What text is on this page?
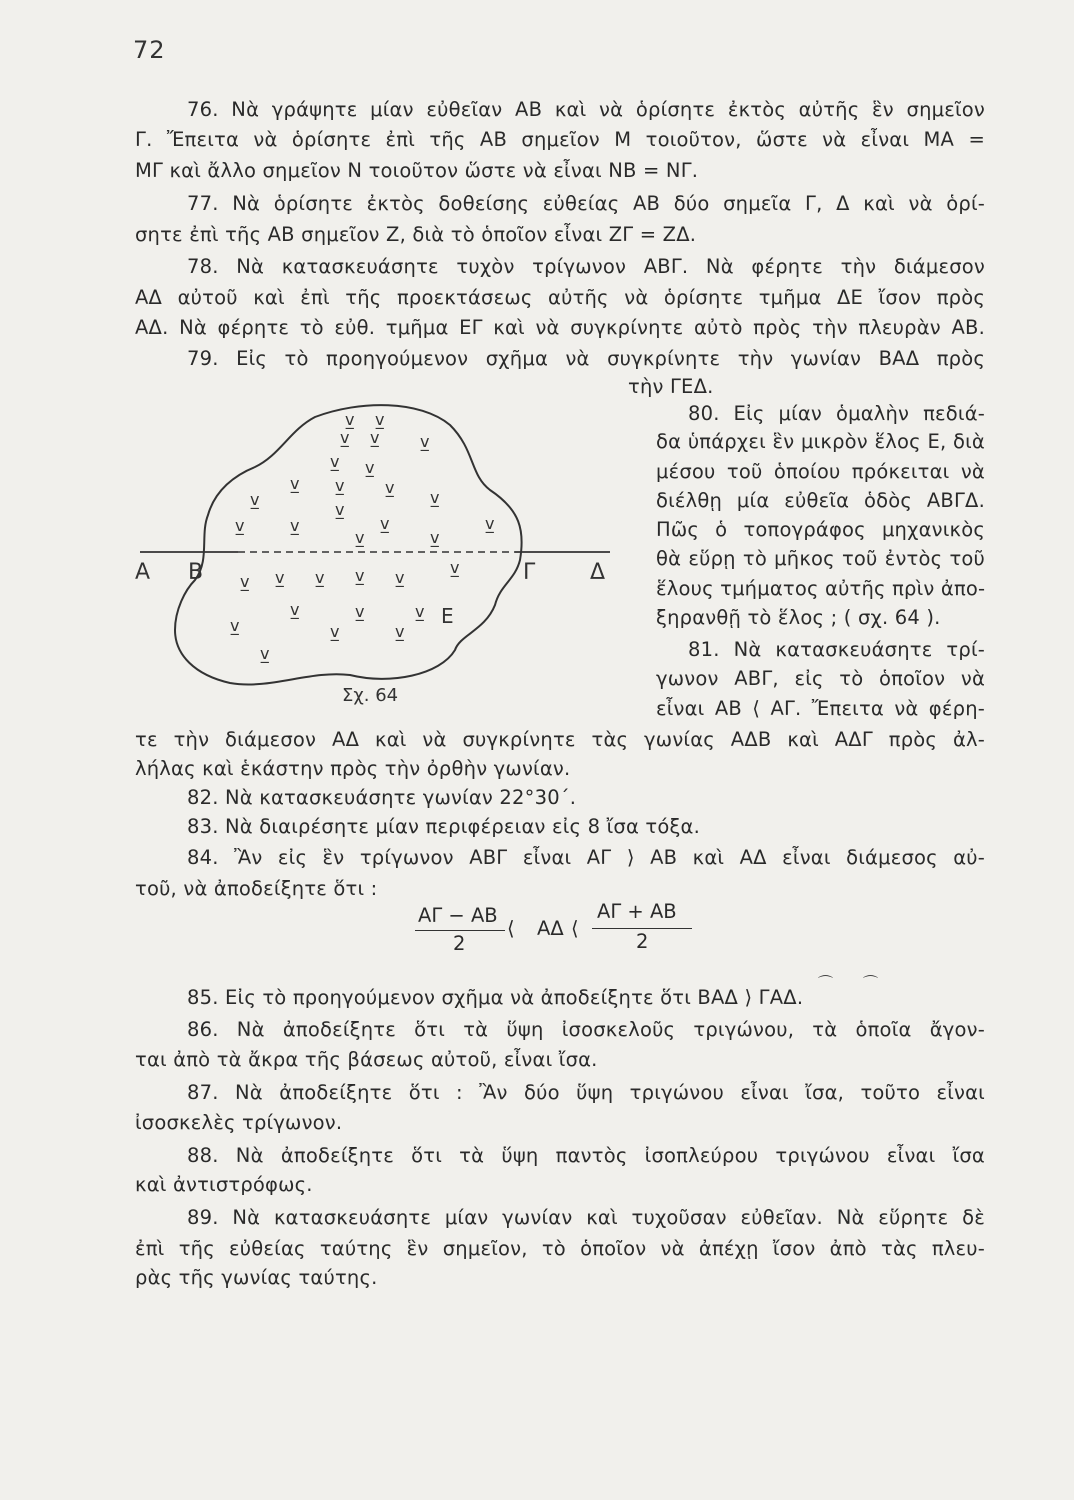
72
76. Νὰ γράψητε μίαν εὐθεῖαν ΑΒ καὶ νὰ ὁρίσητε ἐκτὸς αὐτῆς ἓν σημεῖον
Γ. Ἔπειτα νὰ ὁρίσητε ἐπὶ τῆς ΑΒ σημεῖον Μ τοιοῦτον, ὥστε νὰ εἶναι ΜΑ =
ΜΓ καὶ ἄλλο σημεῖον Ν τοιοῦτον ὥστε νὰ εἶναι ΝΒ = ΝΓ.
77. Νὰ ὁρίσητε ἐκτὸς δοθείσης εὐθείας ΑΒ δύο σημεῖα Γ, Δ καὶ νὰ ὁρί-
σητε ἐπὶ τῆς ΑΒ σημεῖον Ζ, διὰ τὸ ὁποῖον εἶναι ΖΓ = ΖΔ.
78. Νὰ κατασκευάσητε τυχὸν τρίγωνον ΑΒΓ. Νὰ φέρητε τὴν διάμεσον
ΑΔ αὐτοῦ καὶ ἐπὶ τῆς προεκτάσεως αὐτῆς νὰ ὁρίσητε τμῆμα ΔΕ ἴσον πρὸς
ΑΔ. Νὰ φέρητε τὸ εὐθ. τμῆμα ΕΓ καὶ νὰ συγκρίνητε αὐτὸ πρὸς τὴν πλευρὰν ΑΒ.
79. Εἰς τὸ προηγούμενον σχῆμα νὰ συγκρίνητε τὴν γωνίαν ΒΑΔ πρὸς
τὴν ΓΕΔ.
80. Εἰς μίαν ὁμαλὴν πεδιά-
δα ὑπάρχει ἓν μικρὸν ἕλος Ε, διὰ
μέσου τοῦ ὁποίου πρόκειται νὰ
διέλθῃ μία εὐθεῖα ὁδὸς ΑΒΓΔ.
Πῶς ὁ τοπογράφος μηχανικὸς
θὰ εὕρῃ τὸ μῆκος τοῦ ἐντὸς τοῦ
ἕλους τμήματος αὐτῆς πρὶν ἀπο-
ξηρανθῇ τὸ ἕλος ; ( σχ. 64 ).
81. Νὰ κατασκευάσητε τρί-
γωνον ΑΒΓ, εἰς τὸ ὁποῖον νὰ
εἶναι ΑΒ ⟨ ΑΓ. Ἔπειτα νὰ φέρη-
τε τὴν διάμεσον ΑΔ καὶ νὰ συγκρίνητε τὰς γωνίας ΑΔΒ καὶ ΑΔΓ πρὸς ἀλ-
λήλας καὶ ἑκάστην πρὸς τὴν ὀρθὴν γωνίαν.
82. Νὰ κατασκευάσητε γωνίαν 22°30΄.
83. Νὰ διαιρέσητε μίαν περιφέρειαν εἰς 8 ἴσα τόξα.
84. Ἂν εἰς ἓν τρίγωνον ΑΒΓ εἶναι ΑΓ ⟩ ΑΒ καὶ ΑΔ εἶναι διάμεσος αὐ-
τοῦ, νὰ ἀποδείξητε ὅτι :
ΑΓ − ΑΒ
2
⟨ ΑΔ ⟨
ΑΓ + ΑΒ
2
85. Εἰς τὸ προηγούμενον σχῆμα νὰ ἀποδείξητε ὅτι ΒΑΔ ⟩ ΓΑΔ.
⌒ ⌒
86. Νὰ ἀποδείξητε ὅτι τὰ ὕψη ἰσοσκελοῦς τριγώνου, τὰ ὁποῖα ἄγον-
ται ἀπὸ τὰ ἄκρα τῆς βάσεως αὐτοῦ, εἶναι ἴσα.
87. Νὰ ἀποδείξητε ὅτι : Ἂν δύο ὕψη τριγώνου εἶναι ἴσα, τοῦτο εἶναι
ἰσοσκελὲς τρίγωνον.
88. Νὰ ἀποδείξητε ὅτι τὰ ὕψη παντὸς ἰσοπλεύρου τριγώνου εἶναι ἴσα
καὶ ἀντιστρόφως.
89. Νὰ κατασκευάσητε μίαν γωνίαν καὶ τυχοῦσαν εὐθεῖαν. Νὰ εὕρητε δὲ
ἐπὶ τῆς εὐθείας ταύτης ἓν σημεῖον, τὸ ὁποῖον νὰ ἀπέχῃ ἴσον ἀπὸ τὰς πλευ-
ρὰς τῆς γωνίας ταύτης.
v̲ v̲
v̲ v̲	v̲
v̲ v̲
v̲ v̲	v̲
v̲	v̲
v̲
v̲	v̲	v̲	v̲
v̲	v̲
v̲
v̲ v̲ v̲ v̲ v̲
v̲	v̲	v̲
v̲	v̲	v̲
v̲
Α Β	Γ Δ
Ε
Σχ. 64
